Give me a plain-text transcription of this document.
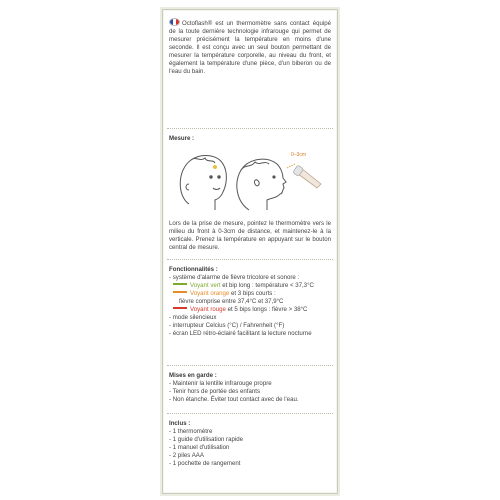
Octoflash® est un thermomètre sans contact équipé de la toute dernière technologie infrarouge qui permet de mesurer précisément la température en moins d'une seconde. Il est conçu avec un seul bouton permettant de mesurer la température corporelle, au niveau du front, et également la température d'une pièce, d'un biberon ou de l'eau du bain.

Mesure :
0–3cm
Lors de la prise de mesure, pointez le thermomètre vers le milieu du front à 0-3cm de distance, et maintenez-le à la verticale. Prenez la température en appuyant sur le bouton central de mesure.
Fonctionnalités :
- système d'alarme de fièvre tricolore et sonore :
Voyant vert et bip long : température < 37,3°C
Voyant orange et 3 bips courts :
fièvre comprise entre 37,4°C et 37,9°C
Voyant rouge et 5 bips longs : fièvre > 38°C
- mode silencieux
- interrupteur Celcius (°C) / Fahrenheit (°F)
- écran LED rétro-éclairé facilitant la lecture nocturne
Mises en garde :
- Maintenir la lentille infrarouge propre
- Tenir hors de portée des enfants
- Non étanche. Éviter tout contact avec de l'eau.
Inclus :
- 1 thermomètre
- 1 guide d'utilisation rapide
- 1 manuel d'utilisation
- 2 piles AAA
- 1 pochette de rangement
